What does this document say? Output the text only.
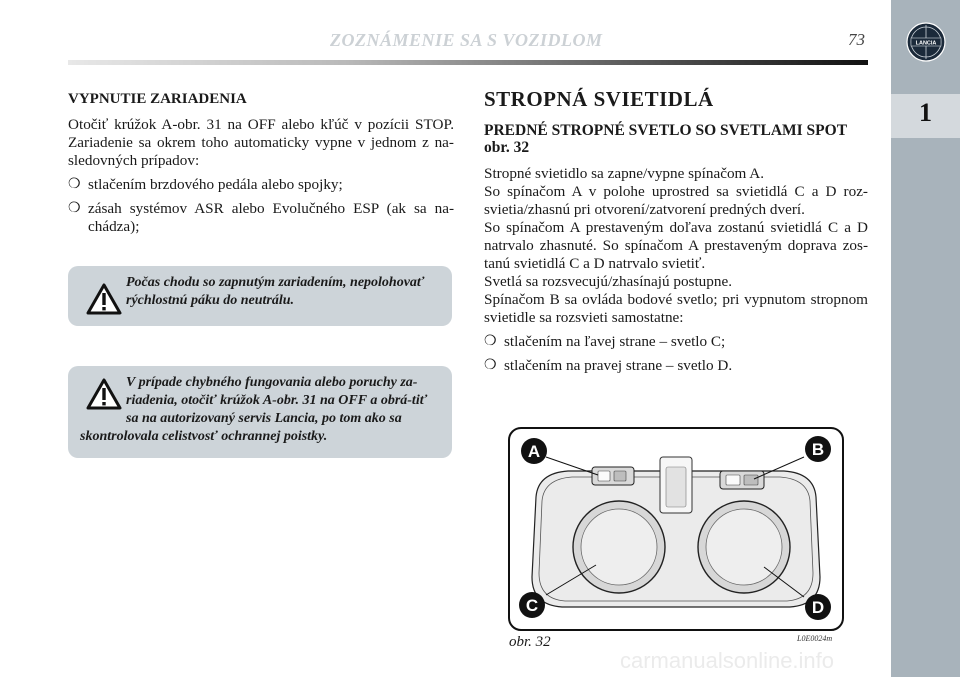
ZOZNÁMENIE SA S VOZIDLOM	73	LANCIA
1
VYPNUTIE ZARIADENIA

Otočiť krúžok A-obr. 31 na OFF alebo kľúč v pozícii STOP. Zariadenie sa okrem toho automaticky vypne v jednom z na-sledovných prípadov:

❍ stlačením brzdového pedála alebo spojky;
❍ zásah systémov ASR alebo Evolučného ESP (ak sa na-chádza);
Počas chodu so zapnutým zariadením, nepolohovať rýchlostnú páku do neutrálu.
V prípade chybného fungovania alebo poruchy za-riadenia, otočiť krúžok A-obr. 31 na OFF a obrá-tiť sa na autorizovaný servis Lancia, po tom ako sa
skontrolovala celistvosť ochrannej poistky.
STROPNÁ SVIETIDLÁ
PREDNÉ STROPNÉ SVETLO SO SVETLAMI SPOT obr. 32

Stropné svietidlo sa zapne/vypne spínačom A.

So spínačom A v polohe uprostred sa svietidlá C a D roz-svietia/zhasnú pri otvorení/zatvorení predných dverí.

So spínačom A prestaveným doľava zostanú svietidlá C a D natrvalo zhasnuté. So spínačom A prestaveným doprava zos-tanú svietidlá C a D natrvalo svietiť.

Svetlá sa rozsvecujú/zhasínajú postupne.

Spínačom B sa ovláda bodové svetlo; pri vypnutom stropnom svietidle sa rozsvieti samostatne:

❍ stlačením na ľavej strane – svetlo C;
❍ stlačením na pravej strane – svetlo D.
A	B
C	D
obr. 32	L0E0024m
carmanualsonline.info
